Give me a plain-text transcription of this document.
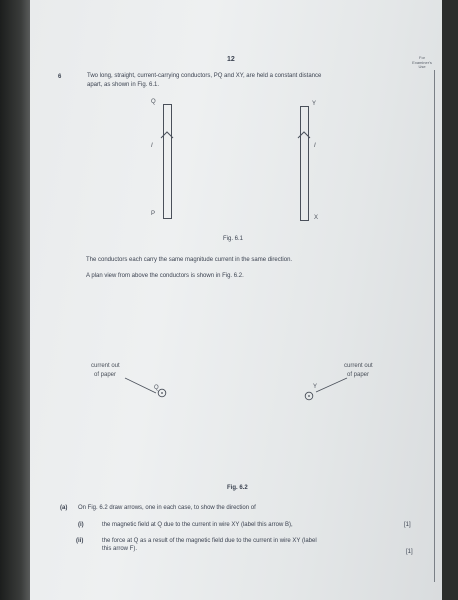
12	For Examiner's Use
6	Two long, straight, current-carrying conductors, PQ and XY, are held a constant distance
apart, as shown in Fig. 6.1.
Q
P
I
Y
X
I
Fig. 6.1
The conductors each carry the same magnitude current in the same direction.
A plan view from above the conductors is shown in Fig. 6.2.
current out
of paper
Q
current out
of paper
Y
Fig. 6.2
(a) On Fig. 6.2 draw arrows, one in each case, to show the direction of
(i)	the magnetic field at Q due to the current in wire XY (label this arrow B),	[1]
(ii)	the force at Q as a result of the magnetic field due to the current in wire XY (label
this arrow F).	[1]
